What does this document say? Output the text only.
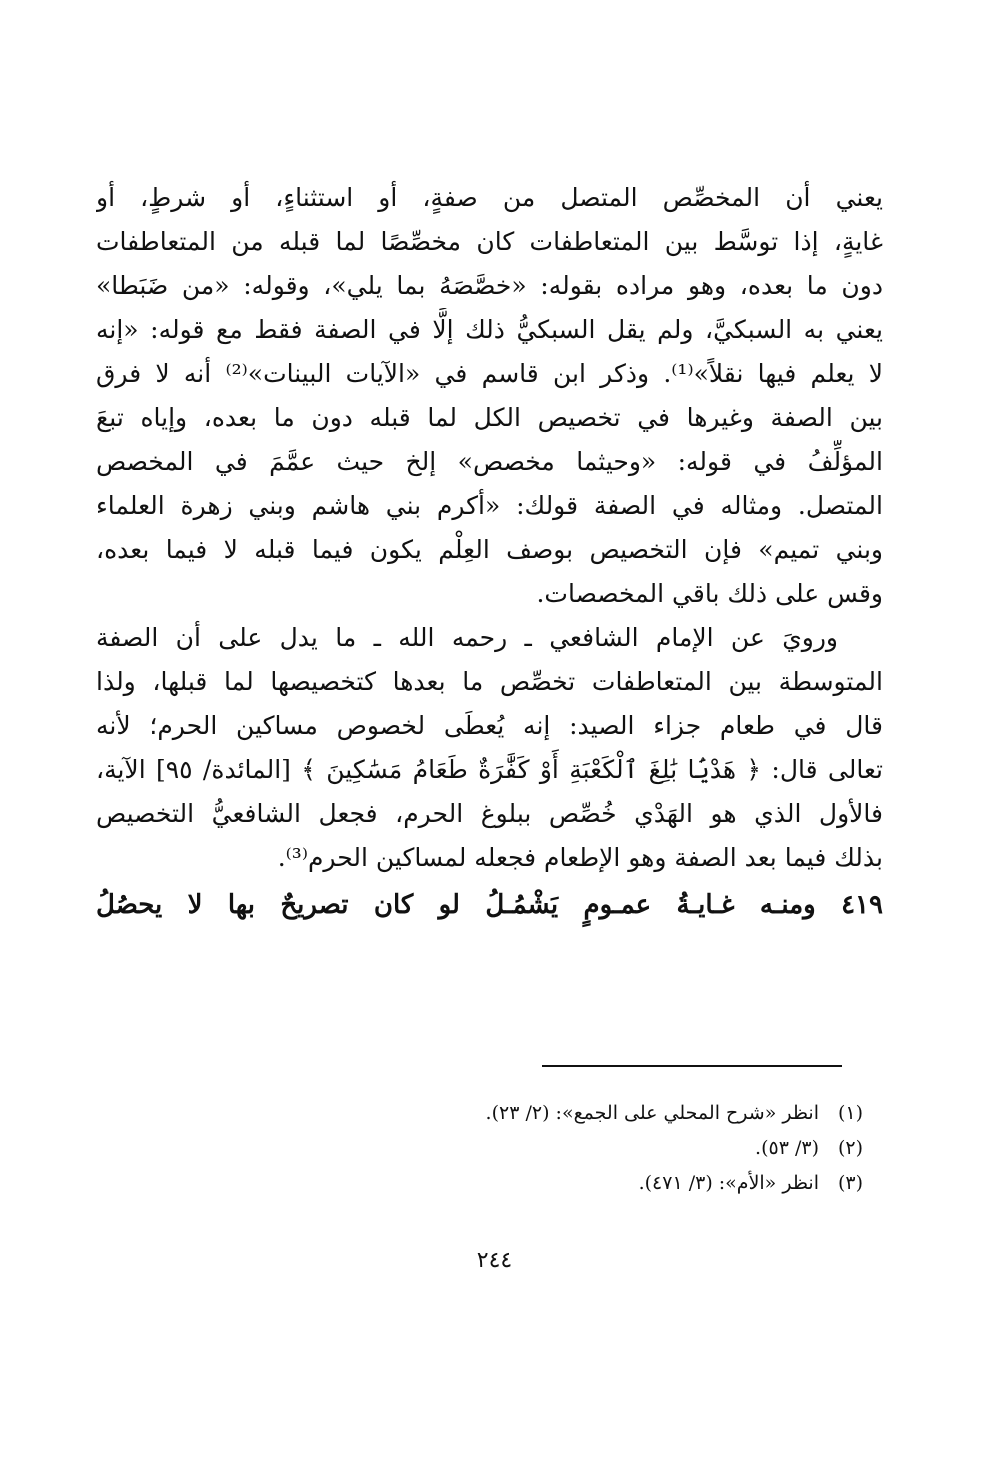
يعني أن المخصِّص المتصل من صفةٍ، أو استثناءٍ، أو شرطٍ، أو
غايةٍ، إذا توسَّط بين المتعاطفات كان مخصِّصًا لما قبله من المتعاطفات
دون ما بعده، وهو مراده بقوله: «خصَّصَهُ بما يلي»، وقوله: «من ضَبَطا»
يعني به السبكيَّ، ولم يقل السبكيُّ ذلك إلَّا في الصفة فقط مع قوله: «إنه
لا يعلم فيها نقلاً»⁽¹⁾. وذكر ابن قاسم في «الآيات البينات»⁽²⁾ أنه لا فرق
بين الصفة وغيرها في تخصيص الكل لما قبله دون ما بعده، وإياه تبعَ
المؤلِّفُ في قوله: «وحيثما مخصص» إلخ حيث عمَّمَ في المخصص
المتصل. ومثاله في الصفة قولك: «أكرم بني هاشم وبني زهرة العلماء
وبني تميم» فإن التخصيص بوصف العِلْم يكون فيما قبله لا فيما بعده،
وقس على ذلك باقي المخصصات.
ورويَ عن الإمام الشافعي ـ رحمه الله ـ ما يدل على أن الصفة
المتوسطة بين المتعاطفات تخصِّص ما بعدها كتخصيصها لما قبلها، ولذا
قال في طعام جزاء الصيد: إنه يُعطَى لخصوص مساكين الحرم؛ لأنه
تعالى قال: ﴿ هَدْيَۢا بَٰلِغَ ٱلْكَعْبَةِ أَوْ كَفَّٰرَةٌ طَعَامُ مَسَٰكِينَ ﴾ [المائدة/ ٩٥] الآية،
فالأول الذي هو الهَدْي خُصِّص ببلوغ الحرم، فجعل الشافعيُّ التخصيص
بذلك فيما بعد الصفة وهو الإطعام فجعله لمساكين الحرم⁽³⁾.
٤١٩ ومنـه غـايـةُ عمـومٍ يَشْمُـلُ لو كان تصريحٌ بها لا يحصُلُ
(١)
انظر «شرح المحلي على الجمع»: (٢/ ٢٣).
(٢)
(٣/ ٥٣).
(٣)
انظر «الأم»: (٣/ ٤٧١).
٢٤٤
